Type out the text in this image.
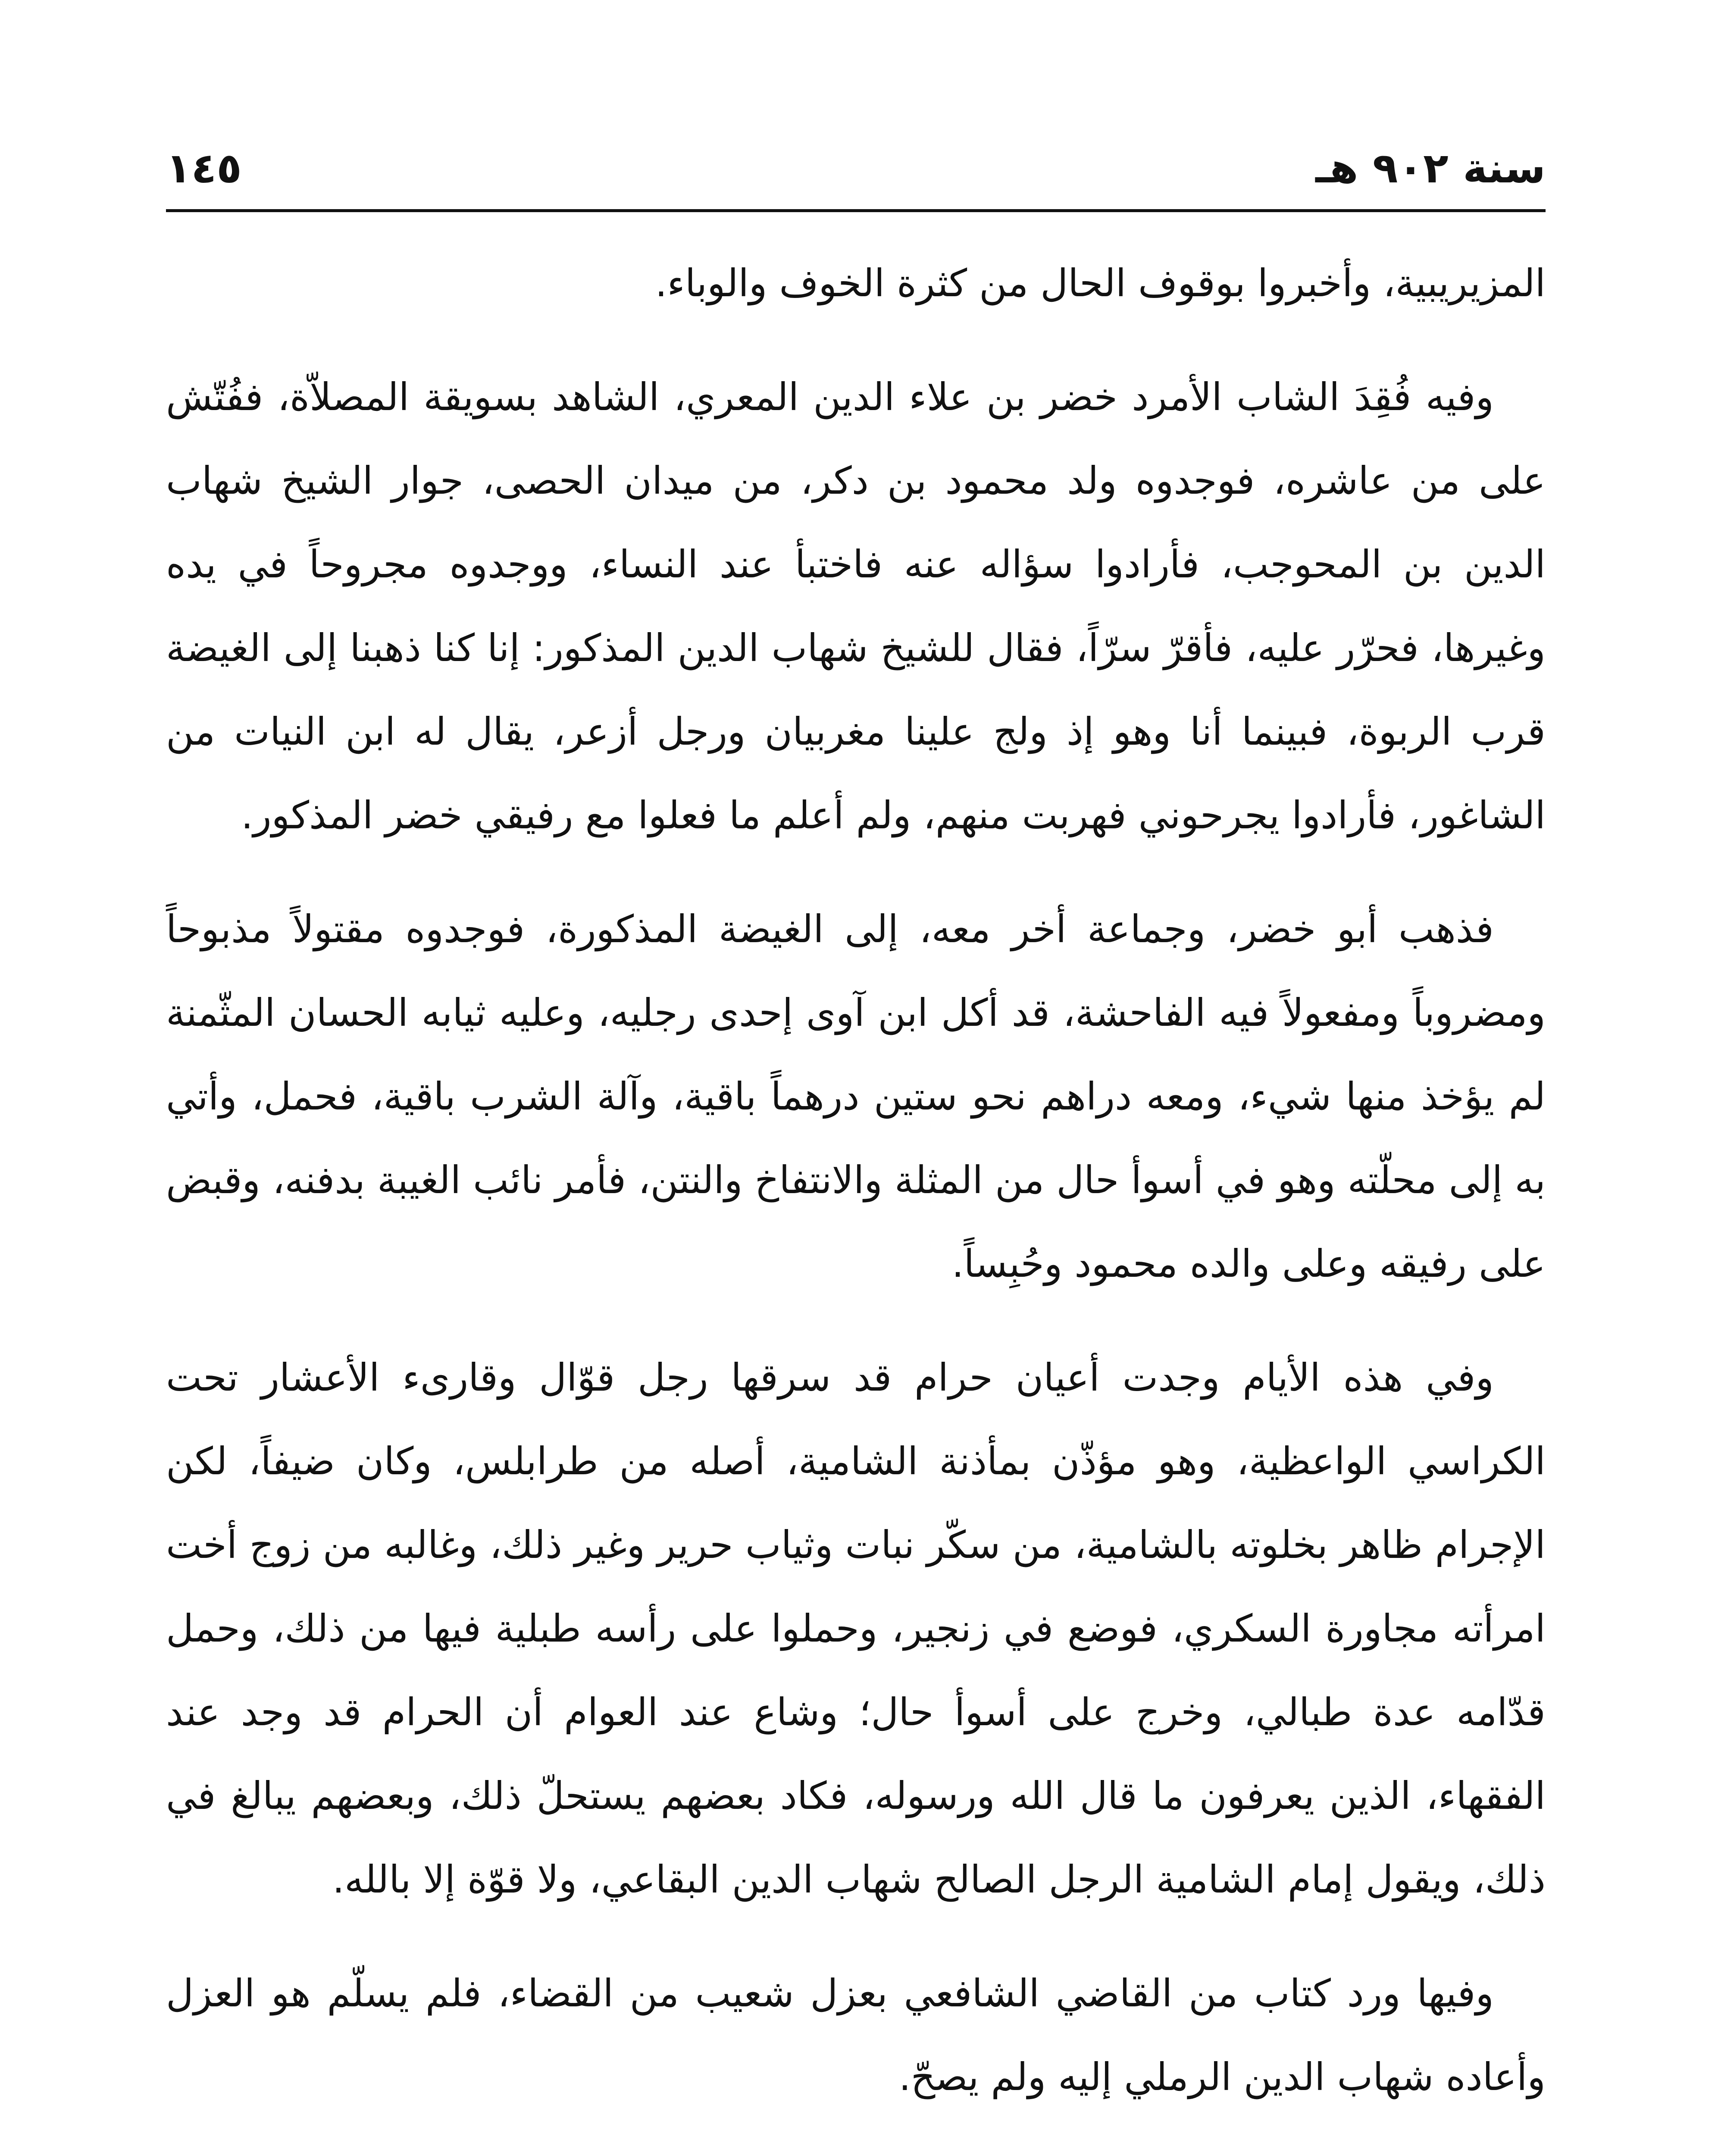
سنة ٩٠٢ هـ
١٤٥

المزيريبية، وأخبروا بوقوف الحال من كثرة الخوف والوباء.

وفيه فُقِدَ الشاب الأمرد خضر بن علاء الدين المعري، الشاهد بسويقة المصلاّة، ففُتّش على من عاشره، فوجدوه ولد محمود بن دكر، من ميدان الحصى، جوار الشيخ شهاب الدين بن المحوجب، فأرادوا سؤاله عنه فاختبأ عند النساء، ووجدوه مجروحاً في يده وغيرها، فحرّر عليه، فأقرّ سرّاً، فقال للشيخ شهاب الدين المذكور: إنا كنا ذهبنا إلى الغيضة قرب الربوة، فبينما أنا وهو إذ ولج علينا مغربيان ورجل أزعر، يقال له ابن النيات من الشاغور، فأرادوا يجرحوني فهربت منهم، ولم أعلم ما فعلوا مع رفيقي خضر المذكور.

فذهب أبو خضر، وجماعة أخر معه، إلى الغيضة المذكورة، فوجدوه مقتولاً مذبوحاً ومضروباً ومفعولاً فيه الفاحشة، قد أكل ابن آوى إحدى رجليه، وعليه ثيابه الحسان المثّمنة لم يؤخذ منها شيء، ومعه دراهم نحو ستين درهماً باقية، وآلة الشرب باقية، فحمل، وأتي به إلى محلّته وهو في أسوأ حال من المثلة والانتفاخ والنتن، فأمر نائب الغيبة بدفنه، وقبض على رفيقه وعلى والده محمود وحُبِساً.

وفي هذه الأيام وجدت أعيان حرام قد سرقها رجل قوّال وقارىء الأعشار تحت الكراسي الواعظية، وهو مؤذّن بمأذنة الشامية، أصله من طرابلس، وكان ضيفاً، لكن الإجرام ظاهر بخلوته بالشامية، من سكّر نبات وثياب حرير وغير ذلك، وغالبه من زوج أخت امرأته مجاورة السكري، فوضع في زنجير، وحملوا على رأسه طبلية فيها من ذلك، وحمل قدّامه عدة طبالي، وخرج على أسوأ حال؛ وشاع عند العوام أن الحرام قد وجد عند الفقهاء، الذين يعرفون ما قال الله ورسوله، فكاد بعضهم يستحلّ ذلك، وبعضهم يبالغ في ذلك، ويقول إمام الشامية الرجل الصالح شهاب الدين البقاعي، ولا قوّة إلا بالله.

وفيها ورد كتاب من القاضي الشافعي بعزل شعيب من القضاء، فلم يسلّم هو العزل وأعاده شهاب الدين الرملي إليه ولم يصحّ.
